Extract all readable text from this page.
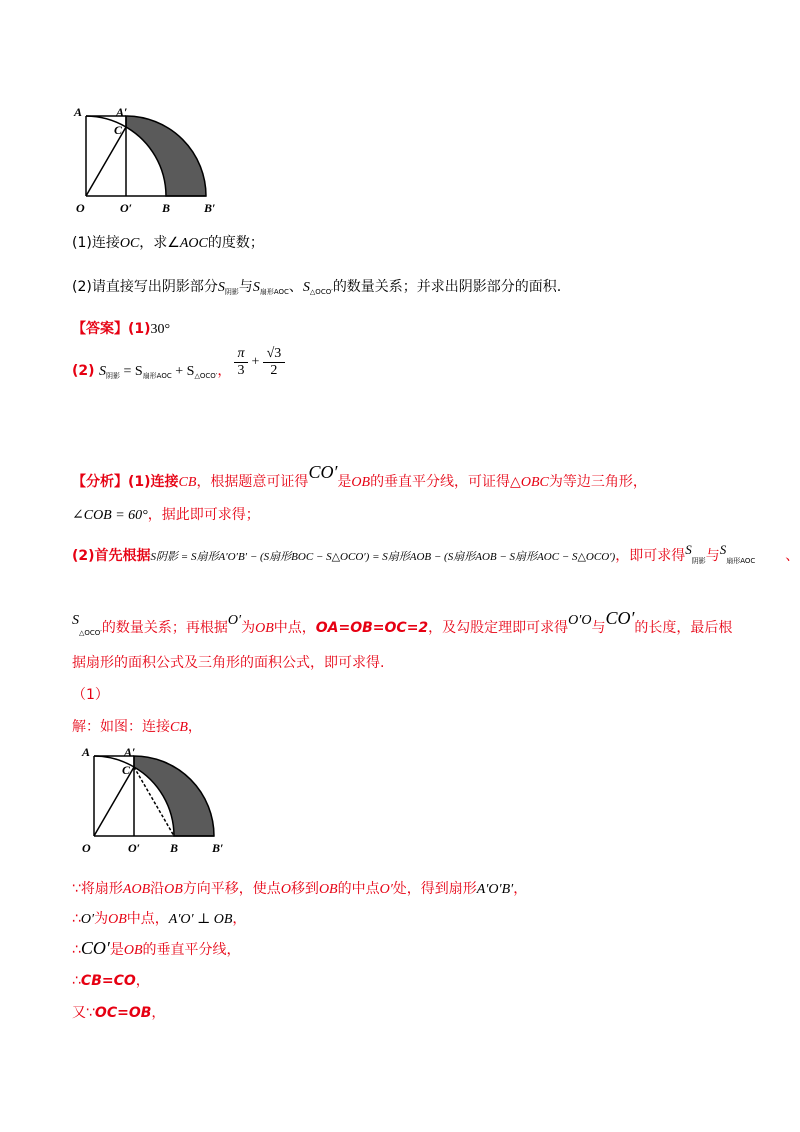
A	A′
C
O	O′ B	B′
(1)连接OC，求∠AOC的度数；
(2)请直接写出阴影部分$S_{阴影}$与$S_{扇形AOC}$、$S_{\triangle OCO'}$的数量关系；并求出阴影部分的面积.
【答案】(1)30°
(2) $S_{阴影} = S_{扇形AOC} + S_{\triangle OCO'}$， $\frac{\pi}{3} + \frac{√3}{2}$
【分析】(1)连接CB，根据题意可证得CO′是OB的垂直平分线，可证得△OBC为等边三角形，
∠COB = 60°，据此即可求得；
(2)首先根据S阴影 = S扇形A′O′B′ − (S扇形BOC − S△OCO′) = S扇形AOB − (S扇形AOB − S扇形AOC − S△OCO′)，即可求得$S_{阴影}$与$S_{扇形AOC}$ 、
$S_{\triangle OCO'}$的数量关系；再根据O′为OB中点，OA=OB=OC=2，及勾股定理即可求得O′O与CO′的长度，最后根
据扇形的面积公式及三角形的面积公式，即可求得.
（1）
解：如图：连接CB，
A	A′
C
O	O′ B	B′
∵将扇形AOB沿OB方向平移，使点O移到OB的中点O′处，得到扇形A′O′B′，
∴O′为OB中点，A′O′ ⊥ OB，
∴CO′是OB的垂直平分线，
∴CB=CO，
又∵OC=OB，
